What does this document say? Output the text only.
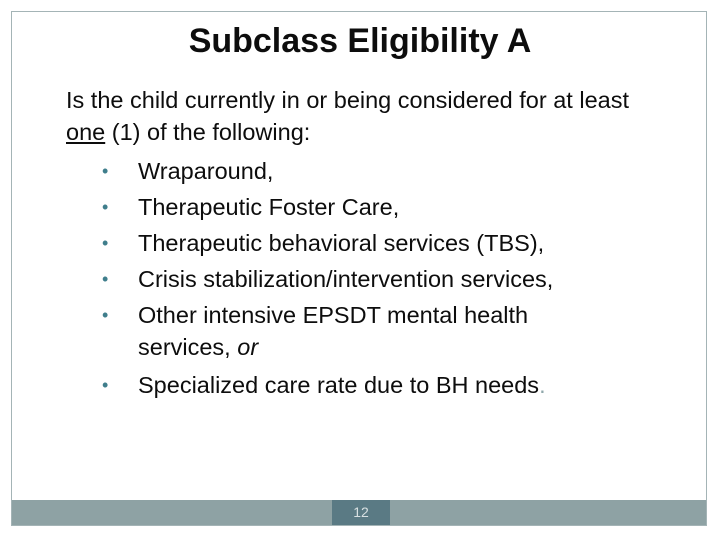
Subclass Eligibility A

Is the child currently in or being considered for at least one (1) of the following:

• Wraparound,
• Therapeutic Foster Care,
• Therapeutic behavioral services (TBS),
• Crisis stabilization/intervention services,
• Other intensive EPSDT mental health services, or
• Specialized care rate due to BH needs.
12
